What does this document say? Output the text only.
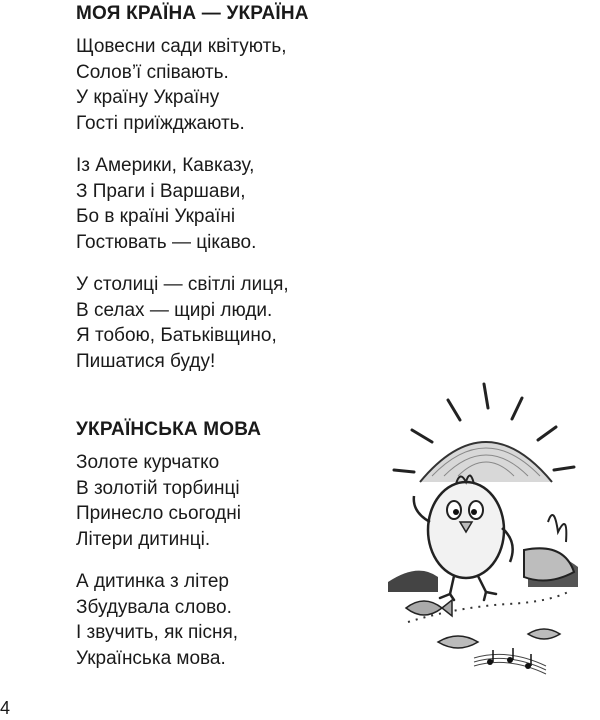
МОЯ КРАЇНА — УКРАЇНА
Щовесни сади квітують,
Солов’ї співають.
У країну Україну
Гості приїжджають.
Із Америки, Кавказу,
З Праги і Варшави,
Бо в країні Україні
Гостювать — цікаво.
У столиці — світлі лиця,
В селах — щирі люди.
Я тобою, Батьківщино,
Пишатися буду!
УКРАЇНСЬКА МОВА
Золоте курчатко
В золотій торбинці
Принесло сьогодні
Літери дитинці.
А дитинка з літер
Збудувала слово.
І звучить, як пісня,
Українська мова.
4
